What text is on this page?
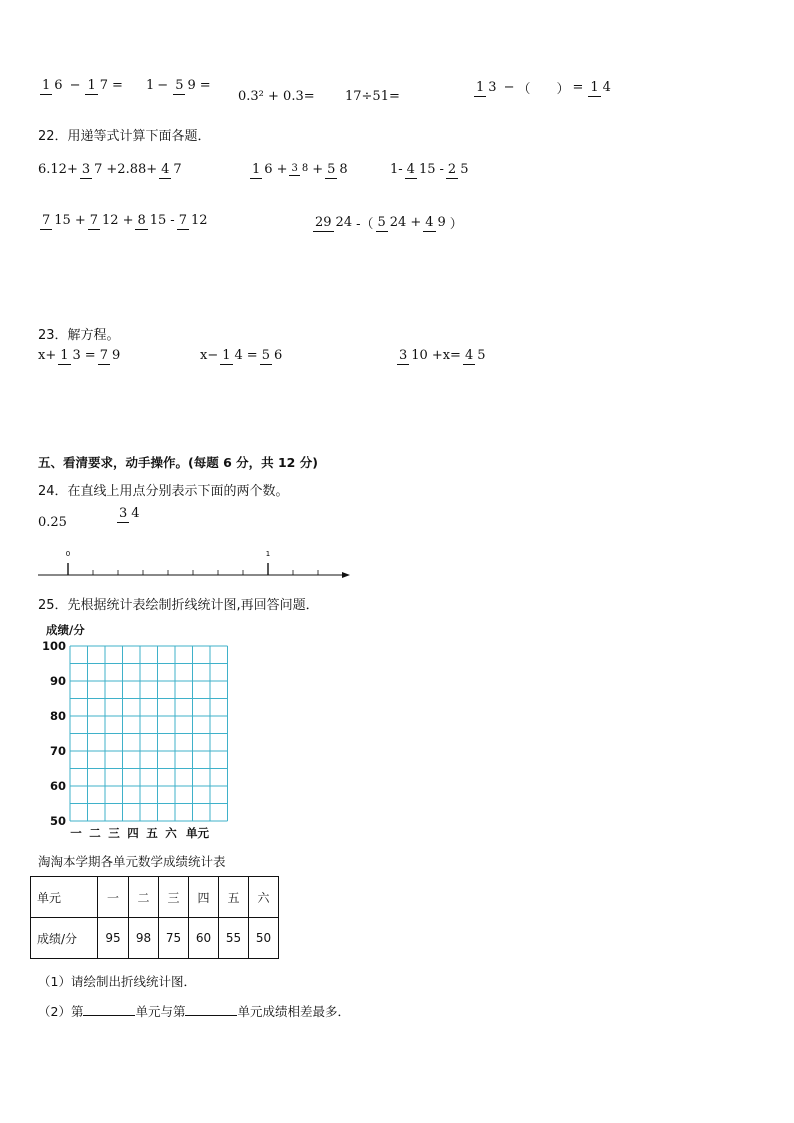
1 6 − 1 7 = 1 − 5 9 =
0.3² + 0.3= 17÷51=
1 3 − （　　） = 1 4
22．用递等式计算下面各题．
6.12+ 3 7 +2.88+ 4 7	1 6 + 3 8 + 5 8	1- 4 15 - 2 5
7 15 + 7 12 + 8 15 - 7 12	29 24 -（ 5 24 + 4 9 ）
23．解方程。
x+ 1 3 = 7 9	x− 1 4 = 5 6	3 10 +x= 4 5
五、看清要求，动手操作。(每题 6 分，共 12 分)
24．在直线上用点分别表示下面的两个数。
0.25
3 4
0	1
25．先根据统计表绘制折线统计图,再回答问题．
成绩/分
100
90
80
70
60
50
一 二 三 四 五 六 单元
淘淘本学期各单元数学成绩统计表
单元	一	二	三	四	五	六
成绩/分	95	98	75	60	55	50
（1）请绘制出折线统计图．
（2）第	单元与第	单元成绩相差最多．
